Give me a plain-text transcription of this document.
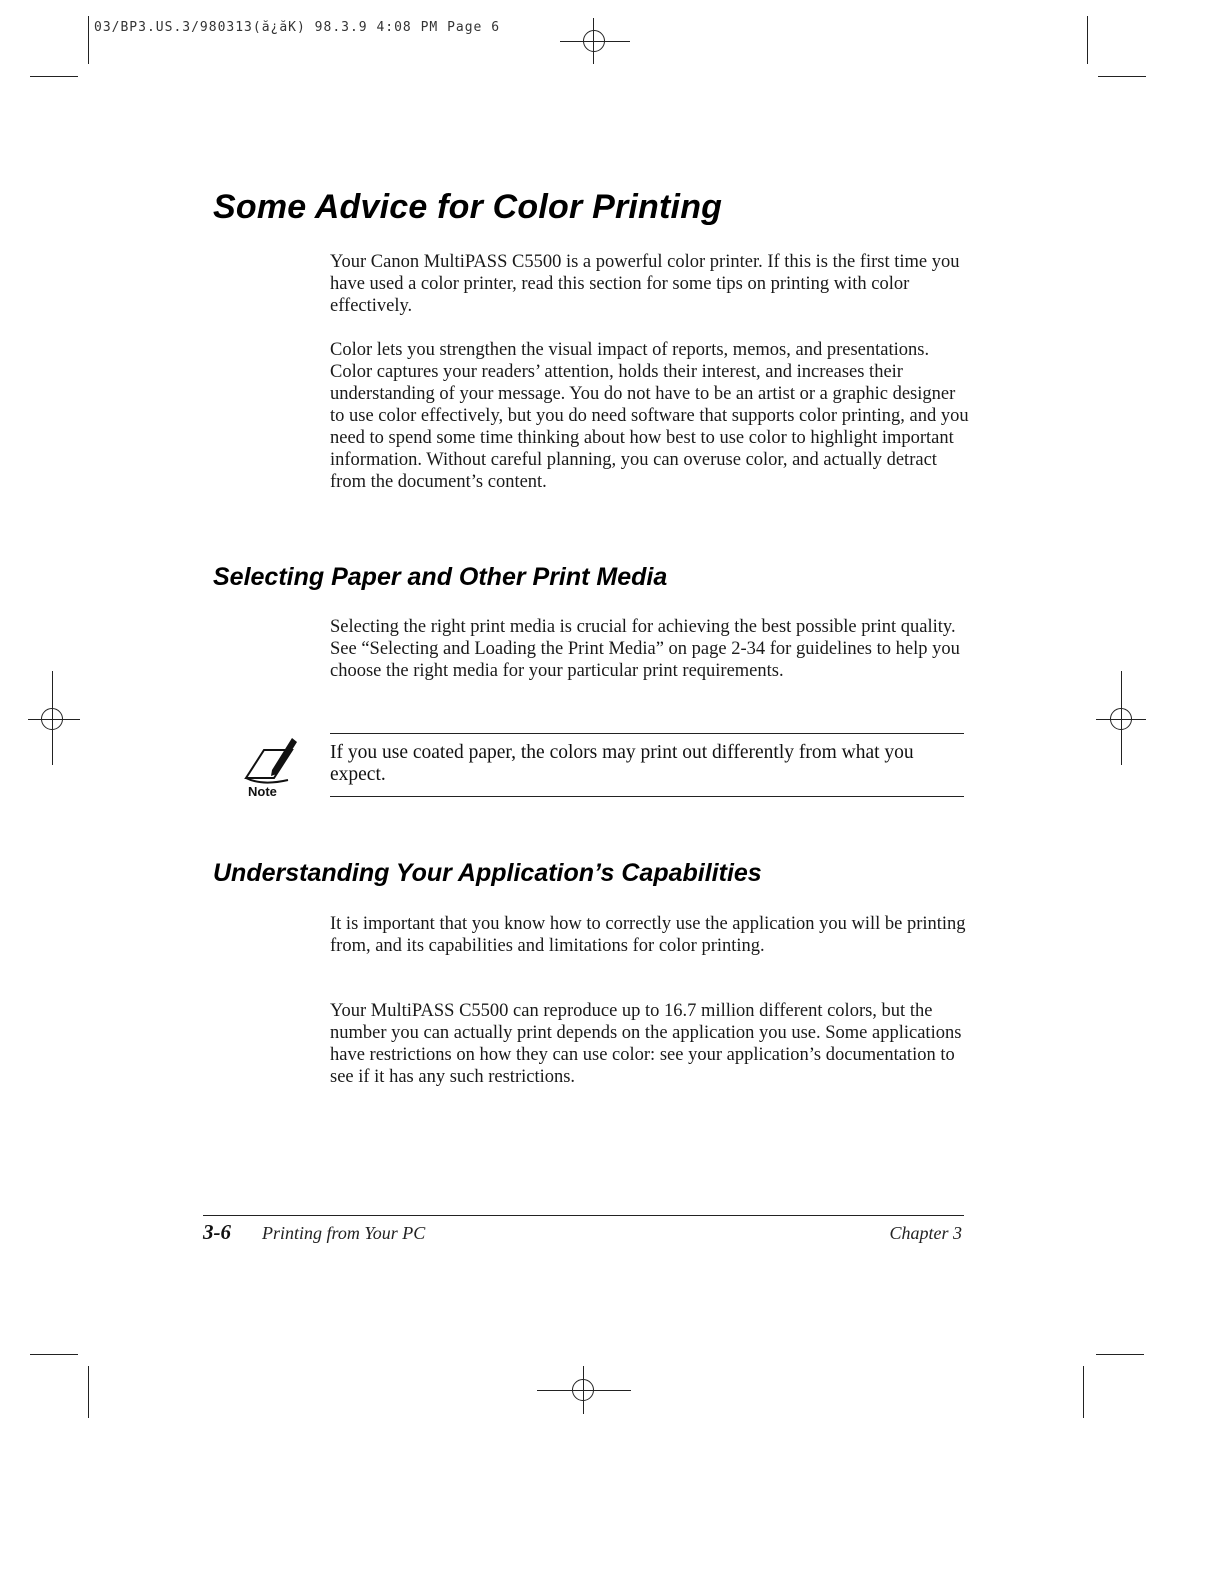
03/BP3.US.3/980313(ă¿ăK) 98.3.9 4:08 PM Page 6
Some Advice for Color Printing

Your Canon MultiPASS C5500 is a powerful color printer. If this is the first time you have used a color printer, read this section for some tips on printing with color effectively.

Color lets you strengthen the visual impact of reports, memos, and presentations. Color captures your readers’ attention, holds their interest, and increases their understanding of your message. You do not have to be an artist or a graphic designer to use color effectively, but you do need software that supports color printing, and you need to spend some time thinking about how best to use color to highlight important information. Without careful planning, you can overuse color, and actually detract from the document’s content.

Selecting Paper and Other Print Media

Selecting the right print media is crucial for achieving the best possible print quality. See “Selecting and Loading the Print Media” on page 2-34 for guidelines to help you choose the right media for your particular print requirements.

Note

If you use coated paper, the colors may print out differently from what you expect.

Understanding Your Application’s Capabilities

It is important that you know how to correctly use the application you will be printing from, and its capabilities and limitations for color printing.

Your MultiPASS C5500 can reproduce up to 16.7 million different colors, but the number you can actually print depends on the application you use. Some applications have restrictions on how they can use color: see your application’s documentation to see if it has any such restrictions.

3-6 Printing from Your PC	Chapter 3
